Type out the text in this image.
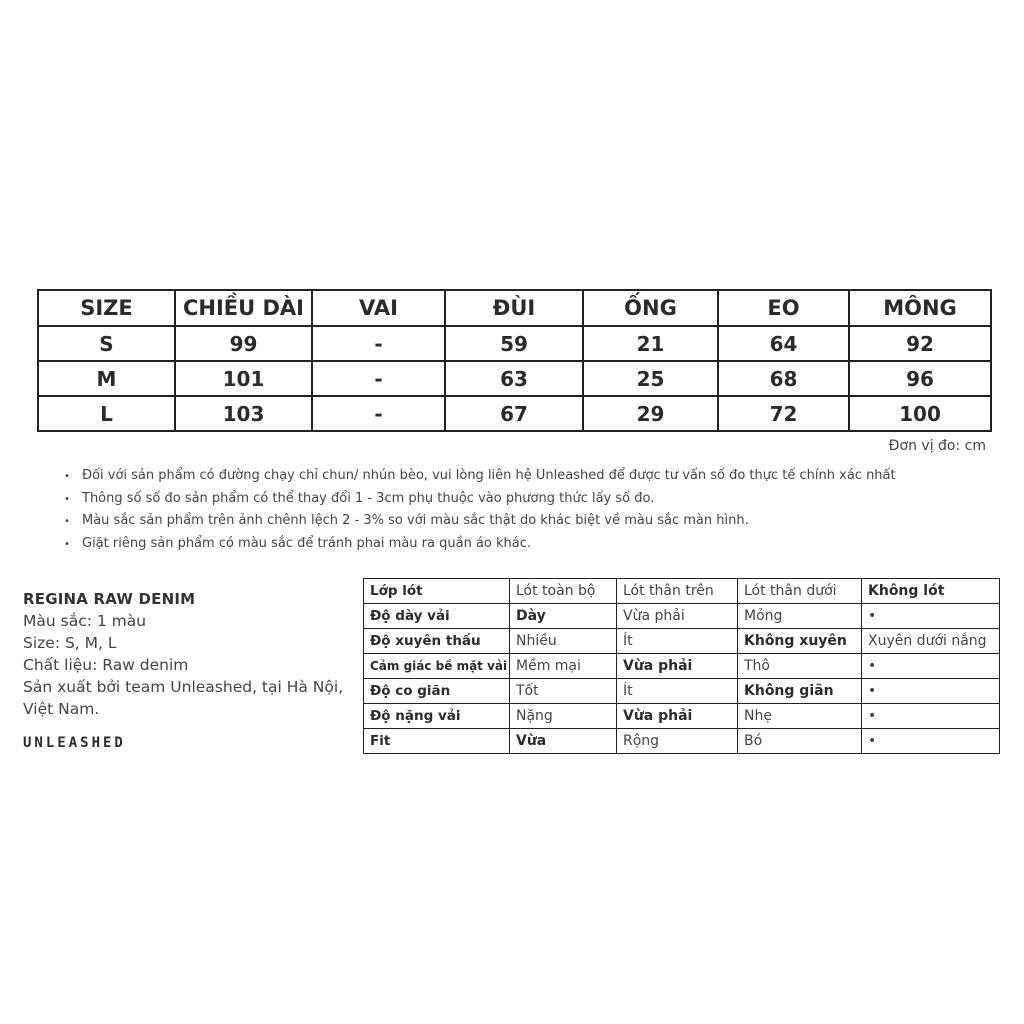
SIZE	CHIỀU DÀI	VAI	ĐÙI	ỐNG	EO	MÔNG
S	99	-	59	21	64	92
M	101	-	63	25	68	96
L	103	-	67	29	72	100
Đơn vị đo: cm
• Đối với sản phẩm có đường chạy chỉ chun/ nhún bèo, vui lòng liên hệ Unleashed để được tư vấn số đo thực tế chính xác nhất
• Thông số số đo sản phẩm có thể thay đổi 1 - 3cm phụ thuộc vào phương thức lấy số đo.
• Màu sắc sản phẩm trên ảnh chênh lệch 2 - 3% so với màu sắc thật do khác biệt về màu sắc màn hình.
• Giặt riêng sản phẩm có màu sắc để tránh phai màu ra quần áo khác.
REGINA RAW DENIM
Màu sắc: 1 màu
Size: S, M, L
Chất liệu: Raw denim
Sản xuất bởi team Unleashed, tại Hà Nội, Việt Nam.
UNLEASHED
Lớp lót	Lót toàn bộ	Lót thân trên	Lót thân dưới	Không lót
Độ dày vải	Dày	Vừa phải	Mỏng	•
Độ xuyên thấu	Nhiều	Ít	Không xuyên	Xuyên dưới nắng
Cảm giác bề mặt vải	Mềm mại	Vừa phải	Thô	•
Độ co giãn	Tốt	Ít	Không giãn	•
Độ nặng vải	Nặng	Vừa phải	Nhẹ	•
Fit	Vừa	Rộng	Bó	•
